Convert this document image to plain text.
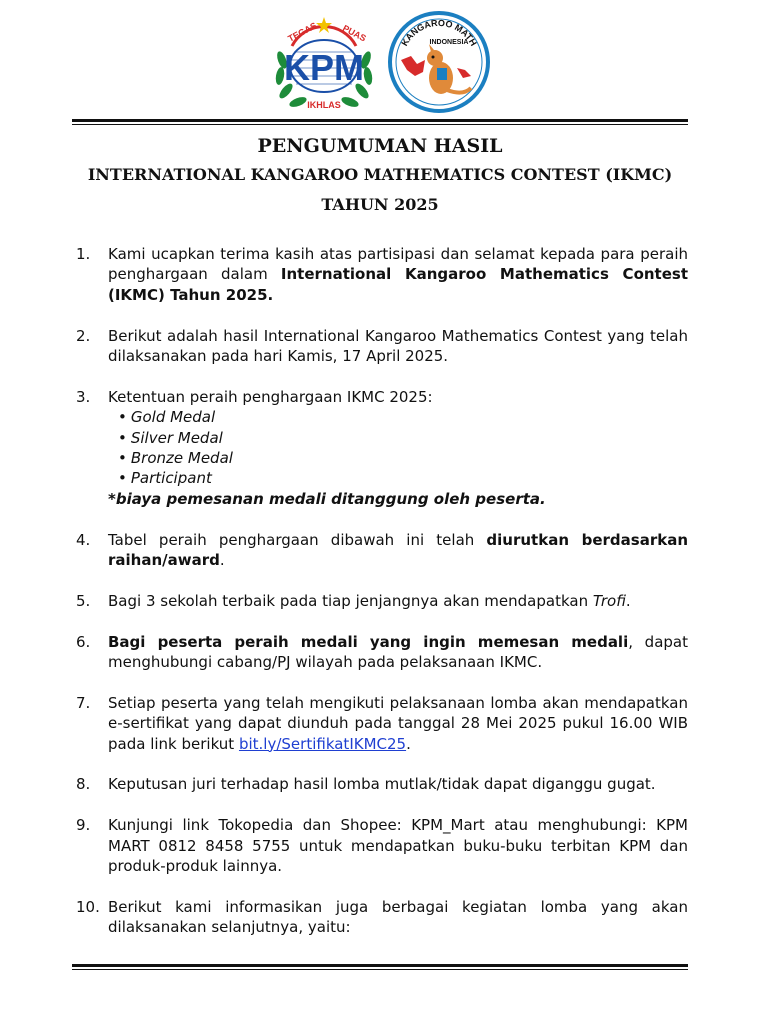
TEGAS	PUAS
KPM
IKHLAS
KANGAROO MATH
INDONESIA
PENGUMUMAN HASIL
INTERNATIONAL KANGAROO MATHEMATICS CONTEST (IKMC)
TAHUN 2025
1. Kami ucapkan terima kasih atas partisipasi dan selamat kepada para peraih penghargaan dalam International Kangaroo Mathematics Contest (IKMC) Tahun 2025.

2. Berikut adalah hasil International Kangaroo Mathematics Contest yang telah dilaksanakan pada hari Kamis, 17 April 2025.

3. Ketentuan peraih penghargaan IKMC 2025:

• Gold Medal
• Silver Medal
• Bronze Medal
• Participant

*biaya pemesanan medali ditanggung oleh peserta.

4. Tabel peraih penghargaan dibawah ini telah diurutkan berdasarkan raihan/award.

5. Bagi 3 sekolah terbaik pada tiap jenjangnya akan mendapatkan Trofi.

6. Bagi peserta peraih medali yang ingin memesan medali, dapat menghubungi cabang/PJ wilayah pada pelaksanaan IKMC.

7. Setiap peserta yang telah mengikuti pelaksanaan lomba akan mendapatkan e-sertifikat yang dapat diunduh pada tanggal 28 Mei 2025 pukul 16.00 WIB pada link berikut bit.ly/SertifikatIKMC25.

8. Keputusan juri terhadap hasil lomba mutlak/tidak dapat diganggu gugat.

9. Kunjungi link Tokopedia dan Shopee: KPM_Mart atau menghubungi: KPM MART 0812 8458 5755 untuk mendapatkan buku-buku terbitan KPM dan produk-produk lainnya.

10. Berikut kami informasikan juga berbagai kegiatan lomba yang akan dilaksanakan selanjutnya, yaitu:
